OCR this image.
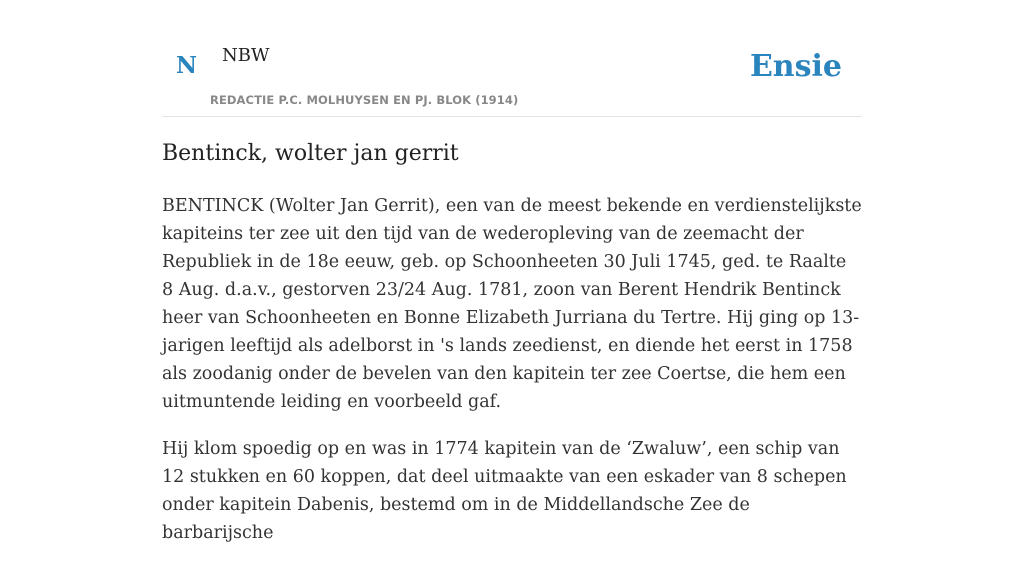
N NBW
REDACTIE P.C. MOLHUYSEN EN PJ. BLOK (1914)
Ensie
Bentinck, wolter jan gerrit

BENTINCK (Wolter Jan Gerrit), een van de meest bekende en verdienstelijkste kapiteins ter zee uit den tijd van de wederopleving van de zeemacht der Republiek in de 18e eeuw, geb. op Schoonheeten 30 Juli 1745, ged. te Raalte 8 Aug. d.a.v., gestorven 23/24 Aug. 1781, zoon van Berent Hendrik Bentinck heer van Schoonheeten en Bonne Elizabeth Jurriana du Tertre. Hij ging op 13-jarigen leeftijd als adelborst in 's lands zeedienst, en diende het eerst in 1758 als zoodanig onder de bevelen van den kapitein ter zee Coertse, die hem een uitmuntende leiding en voorbeeld gaf.

Hij klom spoedig op en was in 1774 kapitein van de ‘Zwaluw’, een schip van 12 stukken en 60 koppen, dat deel uitmaakte van een eskader van 8 schepen onder kapitein Dabenis, bestemd om in de Middellandsche Zee de barbarijsche
